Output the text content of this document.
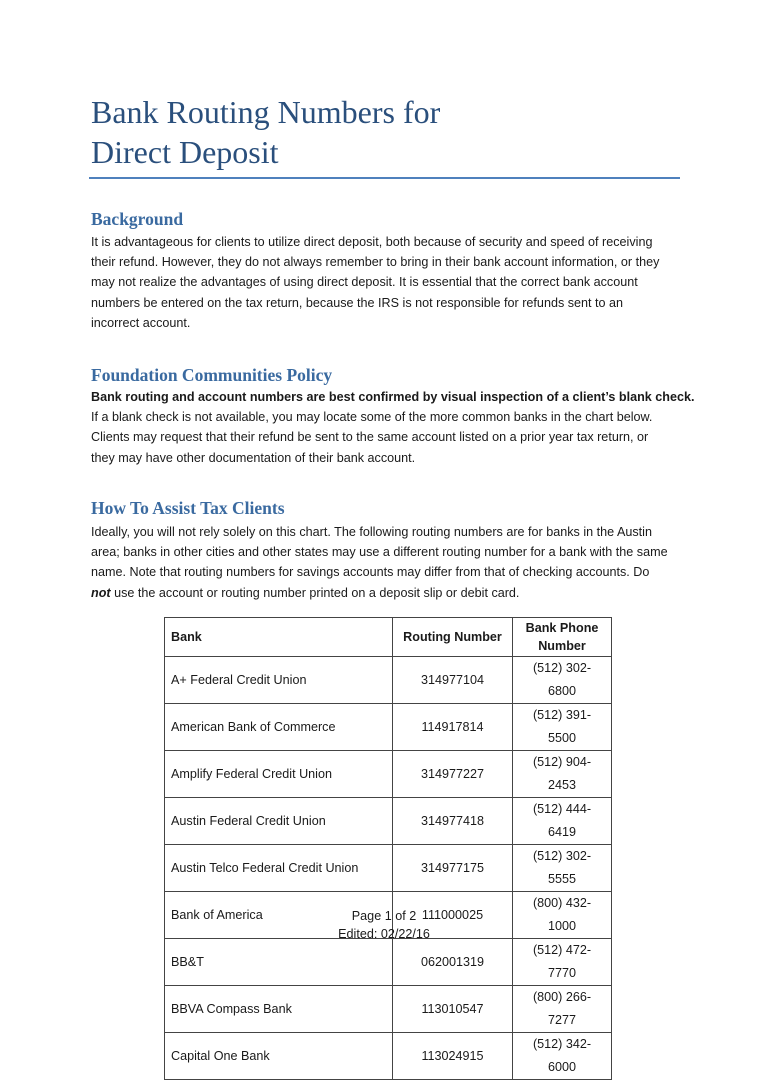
Bank Routing Numbers for
Direct Deposit
Background
It is advantageous for clients to utilize direct deposit, both because of security and speed of receiving
their refund. However, they do not always remember to bring in their bank account information, or they
may not realize the advantages of using direct deposit. It is essential that the correct bank account
numbers be entered on the tax return, because the IRS is not responsible for refunds sent to an
incorrect account.
Foundation Communities Policy
Bank routing and account numbers are best confirmed by visual inspection of a client’s blank check.
If a blank check is not available, you may locate some of the more common banks in the chart below.
Clients may request that their refund be sent to the same account listed on a prior year tax return, or
they may have other documentation of their bank account.
How To Assist Tax Clients
Ideally, you will not rely solely on this chart. The following routing numbers are for banks in the Austin
area; banks in other cities and other states may use a different routing number for a bank with the same
name. Note that routing numbers for savings accounts may differ from that of checking accounts. Do
not use the account or routing number printed on a deposit slip or debit card.
Bank	Routing Number	Bank Phone
Number
A+ Federal Credit Union	314977104	(512) 302-6800
American Bank of Commerce	114917814	(512) 391-5500
Amplify Federal Credit Union	314977227	(512) 904-2453
Austin Federal Credit Union	314977418	(512) 444-6419
Austin Telco Federal Credit Union	314977175	(512) 302-5555
Bank of America	111000025	(800) 432-1000
BB&T	062001319	(512) 472-7770
BBVA Compass Bank	113010547	(800) 266-7277
Capital One Bank	113024915	(512) 342-6000
Page 1 of 2
Edited: 02/22/16
